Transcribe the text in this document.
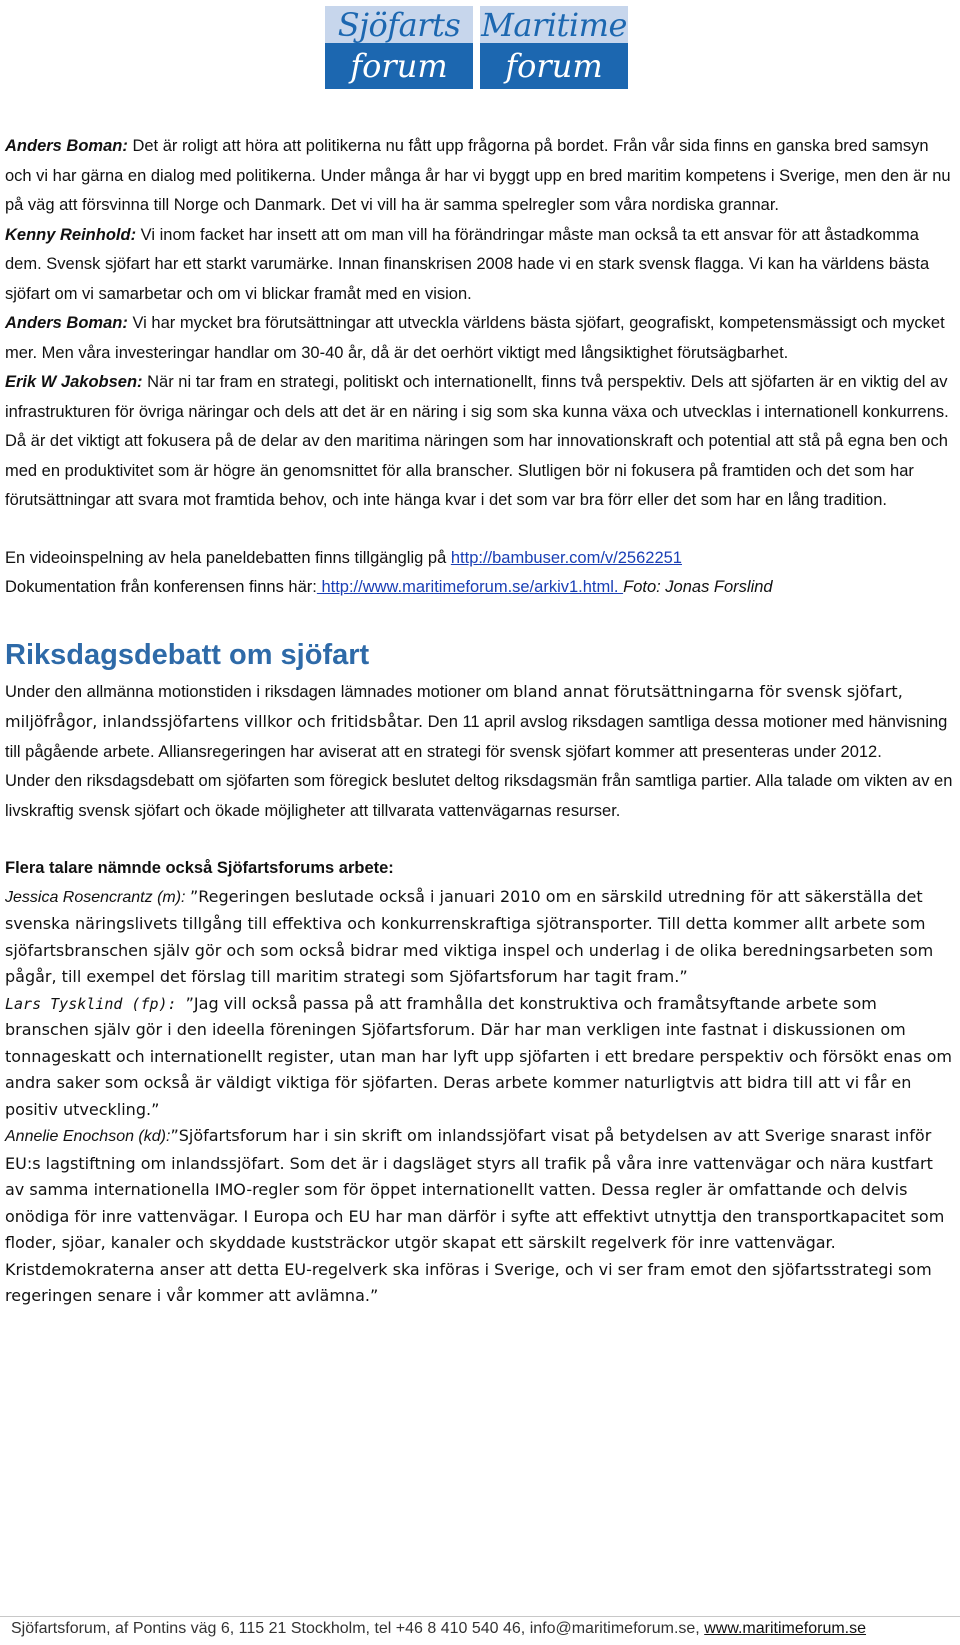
Sjöfarts
forum
Maritime
forum

Anders Boman: Det är roligt att höra att politikerna nu fått upp frågorna på bordet. Från vår sida finns en ganska bred samsyn och vi har gärna en dialog med politikerna. Under många år har vi byggt upp en bred maritim kompetens i Sverige, men den är nu på väg att försvinna till Norge och Danmark. Det vi vill ha är samma spelregler som våra nordiska grannar.

Kenny Reinhold: Vi inom facket har insett att om man vill ha förändringar måste man också ta ett ansvar för att åstadkomma dem. Svensk sjöfart har ett starkt varumärke. Innan finanskrisen 2008 hade vi en stark svensk flagga. Vi kan ha världens bästa sjöfart om vi samarbetar och om vi blickar framåt med en vision.

Anders Boman: Vi har mycket bra förutsättningar att utveckla världens bästa sjöfart, geografiskt, kompetensmässigt och mycket mer. Men våra investeringar handlar om 30-40 år, då är det oerhört viktigt med långsiktighet förutsägbarhet.

Erik W Jakobsen: När ni tar fram en strategi, politiskt och internationellt, finns två perspektiv. Dels att sjöfarten är en viktig del av infrastrukturen för övriga näringar och dels att det är en näring i sig som ska kunna växa och utvecklas i internationell konkurrens. Då är det viktigt att fokusera på de delar av den maritima näringen som har innovationskraft och potential att stå på egna ben och med en produktivitet som är högre än genomsnittet för alla branscher. Slutligen bör ni fokusera på framtiden och det som har förutsättningar att svara mot framtida behov, och inte hänga kvar i det som var bra förr eller det som har en lång tradition.

En videoinspelning av hela paneldebatten finns tillgänglig på http://bambuser.com/v/2562251

Dokumentation från konferensen finns här: http://www.maritimeforum.se/arkiv1.html. Foto: Jonas Forslind

Riksdagsdebatt om sjöfart

Under den allmänna motionstiden i riksdagen lämnades motioner om bland annat förutsättningarna för svensk sjöfart, miljöfrågor, inlandssjöfartens villkor och fritidsbåtar. Den 11 april avslog riksdagen samtliga dessa motioner med hänvisning till pågående arbete. Alliansregeringen har aviserat att en strategi för svensk sjöfart kommer att presenteras under 2012.

Under den riksdagsdebatt om sjöfarten som föregick beslutet deltog riksdagsmän från samtliga partier. Alla talade om vikten av en livskraftig svensk sjöfart och ökade möjligheter att tillvarata vattenvägarnas resurser.

Flera talare nämnde också Sjöfartsforums arbete:

Jessica Rosencrantz (m): ”Regeringen beslutade också i januari 2010 om en särskild utredning för att säkerställa det svenska näringslivets tillgång till effektiva och konkurrenskraftiga sjötransporter. Till detta kommer allt arbete som sjöfartsbranschen själv gör och som också bidrar med viktiga inspel och underlag i de olika beredningsarbeten som pågår, till exempel det förslag till maritim strategi som Sjöfartsforum har tagit fram.”

Lars Tysklind (fp): ”Jag vill också passa på att framhålla det konstruktiva och framåtsyftande arbete som branschen själv gör i den ideella föreningen Sjöfartsforum. Där har man verkligen inte fastnat i diskussionen om tonnageskatt och internationellt register, utan man har lyft upp sjöfarten i ett bredare perspektiv och försökt enas om andra saker som också är väldigt viktiga för sjöfarten. Deras arbete kommer naturligtvis att bidra till att vi får en positiv utveckling.”

Annelie Enochson (kd):”Sjöfartsforum har i sin skrift om inlandssjöfart visat på betydelsen av att Sverige snarast inför EU:s lagstiftning om inlandssjöfart. Som det är i dagsläget styrs all trafik på våra inre vattenvägar och nära kustfart av samma internationella IMO-regler som för öppet internationellt vatten. Dessa regler är omfattande och delvis onödiga för inre vattenvägar. I Europa och EU har man därför i syfte att effektivt utnyttja den transportkapacitet som floder, sjöar, kanaler och skyddade kuststräckor utgör skapat ett särskilt regelverk för inre vattenvägar. Kristdemokraterna anser att detta EU-regelverk ska införas i Sverige, och vi ser fram emot den sjöfartsstrategi som regeringen senare i vår kommer att avlämna.”

Sjöfartsforum, af Pontins väg 6, 115 21 Stockholm, tel +46 8 410 540 46, info@maritimeforum.se, www.maritimeforum.se
